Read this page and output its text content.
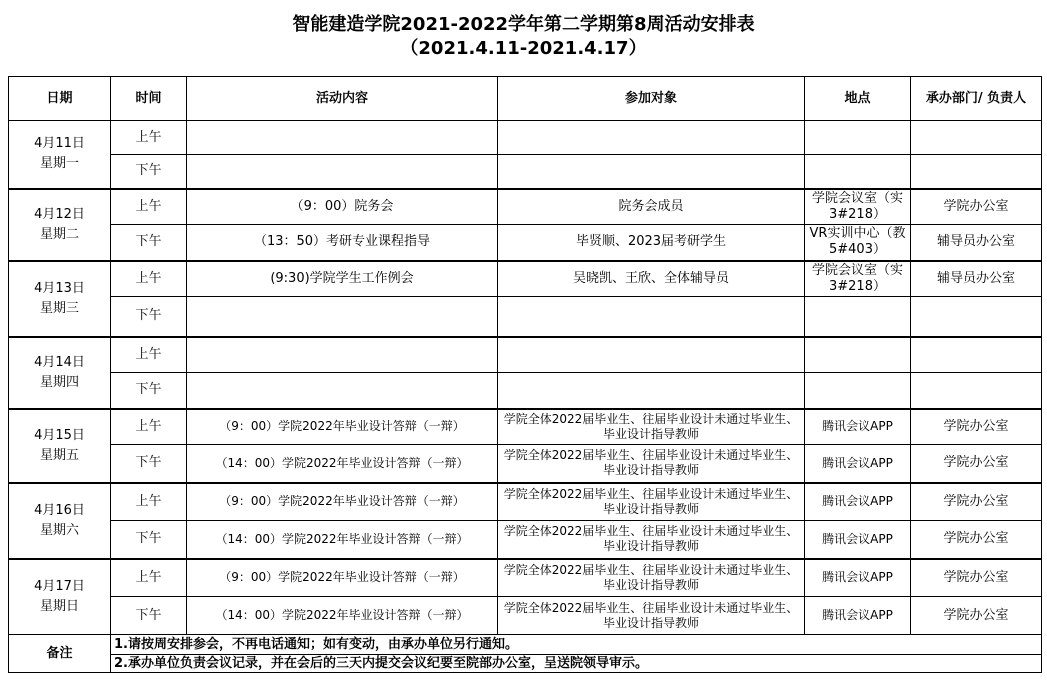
智能建造学院2021-2022学年第二学期第8周活动安排表
（2021.4.11-2021.4.17）
日期	时间	活动内容	参加对象	地点	承办部门/ 负责人

4月11日
星期一	上午				
	下午				

4月12日
星期二	上午	（9：00）院务会	院务会成员	学院会议室（实3#218）	学院办公室
	下午	（13：50）考研专业课程指导	毕贤顺、2023届考研学生	VR实训中心（教5#403）	辅导员办公室

4月13日
星期三	上午	(9:30)学院学生工作例会	吴晓凯、王欣、全体辅导员	学院会议室（实3#218）	辅导员办公室
	下午				

4月14日
星期四	上午				
	下午				

4月15日
星期五	上午	（9：00）学院2022年毕业设计答辩（一辩）	学院全体2022届毕业生、往届毕业设计未通过毕业生、毕业设计指导教师	腾讯会议APP	学院办公室
	下午	（14：00）学院2022年毕业设计答辩（一辩）	学院全体2022届毕业生、往届毕业设计未通过毕业生、毕业设计指导教师	腾讯会议APP	学院办公室

4月16日
星期六	上午	（9：00）学院2022年毕业设计答辩（一辩）	学院全体2022届毕业生、往届毕业设计未通过毕业生、毕业设计指导教师	腾讯会议APP	学院办公室
	下午	（14：00）学院2022年毕业设计答辩（一辩）	学院全体2022届毕业生、往届毕业设计未通过毕业生、毕业设计指导教师	腾讯会议APP	学院办公室

4月17日
星期日	上午	（9：00）学院2022年毕业设计答辩（一辩）	学院全体2022届毕业生、往届毕业设计未通过毕业生、毕业设计指导教师	腾讯会议APP	学院办公室
	下午	（14：00）学院2022年毕业设计答辩（一辩）	学院全体2022届毕业生、往届毕业设计未通过毕业生、毕业设计指导教师	腾讯会议APP	学院办公室
备注	1.请按周安排参会，不再电话通知；如有变动，由承办单位另行通知。				
	2.承办单位负责会议记录，并在会后的三天内提交会议纪要至院部办公室，呈送院领导审示。				
